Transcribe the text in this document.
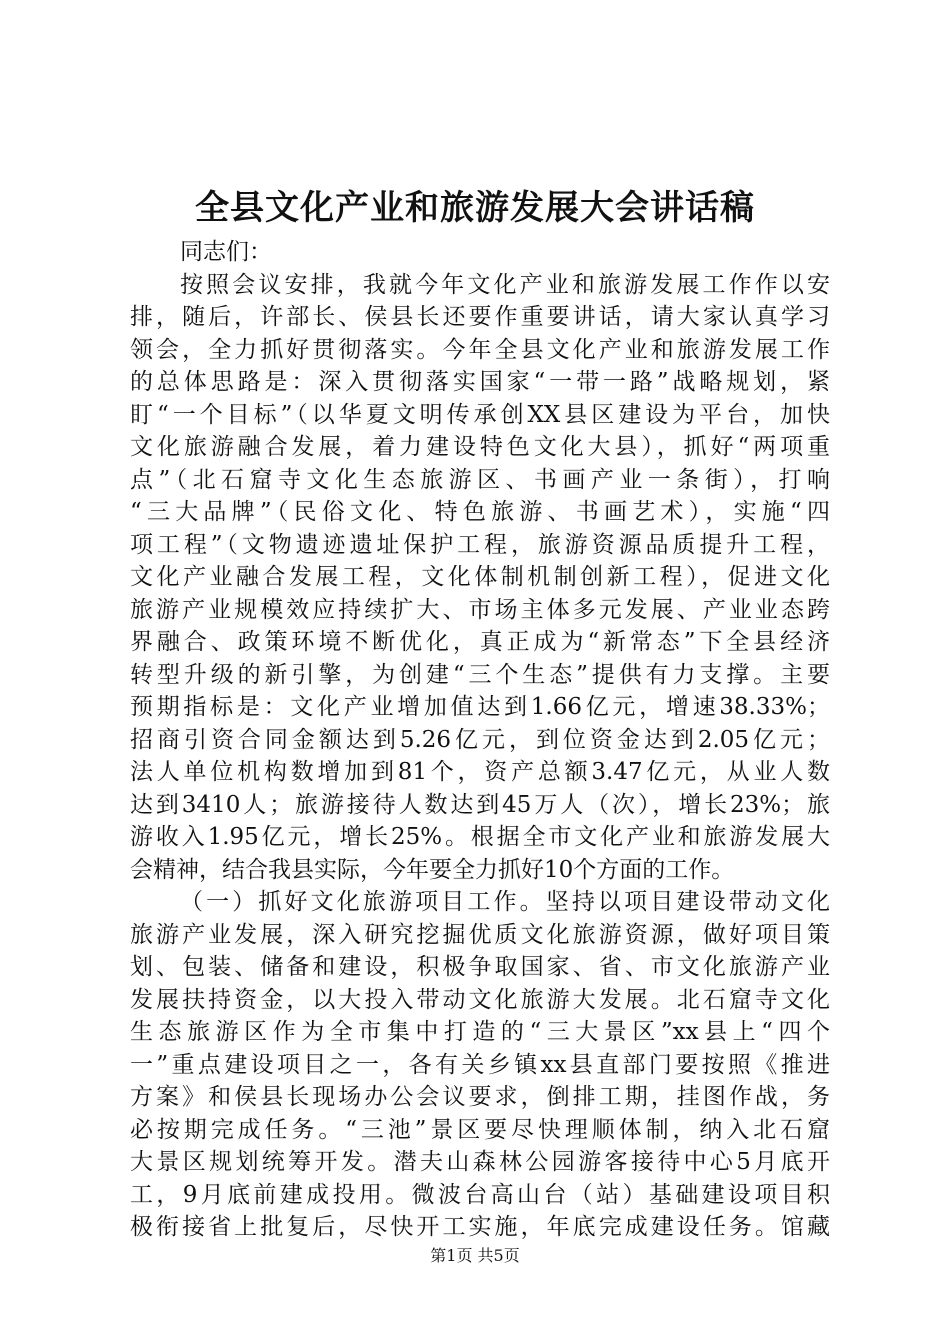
全县文化产业和旅游发展大会讲话稿
同志们：
按照会议安排，我就今年文化产业和旅游发展工作作以安
排，随后，许部长、侯县长还要作重要讲话，请大家认真学习
领会，全力抓好贯彻落实。今年全县文化产业和旅游发展工作
的总体思路是：深入贯彻落实国家“一带一路”战略规划，紧
盯“一个目标”（以华夏文明传承创XX县区建设为平台，加快
文化旅游融合发展，着力建设特色文化大县），抓好“两项重
点”（北石窟寺文化生态旅游区、书画产业一条街），打响
“三大品牌”（民俗文化、特色旅游、书画艺术），实施“四
项工程”（文物遗迹遗址保护工程，旅游资源品质提升工程，
文化产业融合发展工程，文化体制机制创新工程），促进文化
旅游产业规模效应持续扩大、市场主体多元发展、产业业态跨
界融合、政策环境不断优化，真正成为“新常态”下全县经济
转型升级的新引擎，为创建“三个生态”提供有力支撑。主要
预期指标是：文化产业增加值达到1.66亿元，增速38.33%；
招商引资合同金额达到5.26亿元，到位资金达到2.05亿元；
法人单位机构数增加到81个，资产总额3.47亿元，从业人数
达到3410人；旅游接待人数达到45万人（次），增长23%；旅
游收入1.95亿元，增长25%。根据全市文化产业和旅游发展大
会精神，结合我县实际，今年要全力抓好10个方面的工作。
（一）抓好文化旅游项目工作。坚持以项目建设带动文化
旅游产业发展，深入研究挖掘优质文化旅游资源，做好项目策
划、包装、储备和建设，积极争取国家、省、市文化旅游产业
发展扶持资金，以大投入带动文化旅游大发展。北石窟寺文化
生态旅游区作为全市集中打造的“三大景区”xx县上“四个
一”重点建设项目之一，各有关乡镇xx县直部门要按照《推进
方案》和侯县长现场办公会议要求，倒排工期，挂图作战，务
必按期完成任务。“三池”景区要尽快理顺体制，纳入北石窟
大景区规划统筹开发。潜夫山森林公园游客接待中心5月底开
工，9月底前建成投用。微波台高山台（站）基础建设项目积
极衔接省上批复后，尽快开工实施，年底完成建设任务。馆藏
第1页 共5页
